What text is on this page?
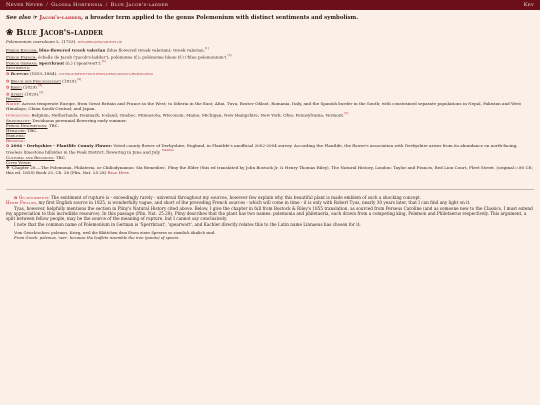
Never Never / Glossa Hortensia / Blue Jacob's-ladder	Key
See also ☞ Jacob's-ladder, a broader term applied to the genus Polemonium with distinct sentiments and symbolism.
❀ Blue Jacob's-ladder
Polemonium caeruleum L. (1753). WFO/RBG/IPNI/GBIF/FLOP
Period English: blue-flowered Greek valerian (blue flowered Greek valerian); Greek valerian.[1]
Period French: échelle de Jacob ('Jacob's-ladder'); polémoine (f.); polémoine bleue (f.) ('blue polemonium').[2]
Period German: Sperrkraut (n.) ('spearwort').[3]
Sentiments:
✿ Rupture (1819–1884). CLT/WLP/MFH/TYS/INTRON/DEM/GND/GYL/RDR/PG/EDG
✿ Bruch der Freundschaft (1829).[4]
✿ Krieg (1829).[4]
✿ Streit (1829).[4]
Region:
Native: Across temperate Europe, from Great Britain and France in the West; to Siberia in the East; Altai, Tuva, Rostov Oblast, Romania, Italy, and the Spanish border in the South; with constrained separate populations in Nepal, Pakistan and West Himalaya; China South-Central; and Japan.
Introduced: Belgium; Netherlands; Denmark; Iceland; Quebec; Minnesota; Wisconsin; Maine; Michigan; New Hampshire; New York; Ohio; Pennsylvania; Vermont.[5]
Seasonality: Deciduous perennial flowering early summer.
Period Descriptions: TBC.
Heraldry: TBC.
Emblems:
Regional:
✿ 2004 - Derbyshire - Plantlife County Flower: Voted county flower of Derbyshire, England, in Plantlife's unofficial 2002-2004 survey. According the Plantlife, the flower's association with Derbyshire arises from its abundance on north-facing, treeless limestone hillsides in the Peak District, flowering in June and July. $^{Plantlife}$
Cultural and Religious: TBC.
Cited Verse:
❖ 'Chapter 28.—The Polemonia, Philateria, or Chiliodynamus: Six Remedies', Pliny the Elder (this ed translated by John Bostock Jr. & Henry Thomas Riley), The Natural History, London: Taylor and Francis, Red Lion Court, Fleet Street. (original c.80 CE; this ed. 1855) Book 25, Ch. 28 (Plin. Nat. 25.28) Read Here.

✿ On sentiments: The sentiment of rupture is - exceedingly rarely - universal throughout my sources, however few explain why this beautiful plant is made emblem of such a shocking concept.

Henry Phillips, my first English source in 1825, is wonderfully vague, and short of the preceding French sources - which will come in time - it is only with Robert Tyas, nearly 30 years later, that I can find any light on it.

Tyas, however, helpfully mentions the section in Pliny's Natural History cited above. Below, I give the chapter in full from Bostock & Riley's 1855 translation, as sourced from Perseus Caroline (and as someone new to the Classics, I must extend my appreciation to this incredible resource). In this passage (Plin. Nat. 25.28), Pliny describes that the plant has two names: polemonia and philetaeria, each drawn from a competing king, Polemon and Philetaerus respectively. This argument, a split between fellow people, may be the source of the meaning of rupture, but I cannot say conclusively.

I note that the common name of Polemonium in German is 'Sperrkraut', 'spearwort', and Kachler directly relates this to the Latin name Linnaeus has chosen for it:

Vom Griechischen: polemos, Krieg, weil die Blättchen dem Eisen eines Speeres so ziemlich ähnlich sind.
From Greek: polemos, 'war', because the leaflets resemble the iron (points) of spears.
